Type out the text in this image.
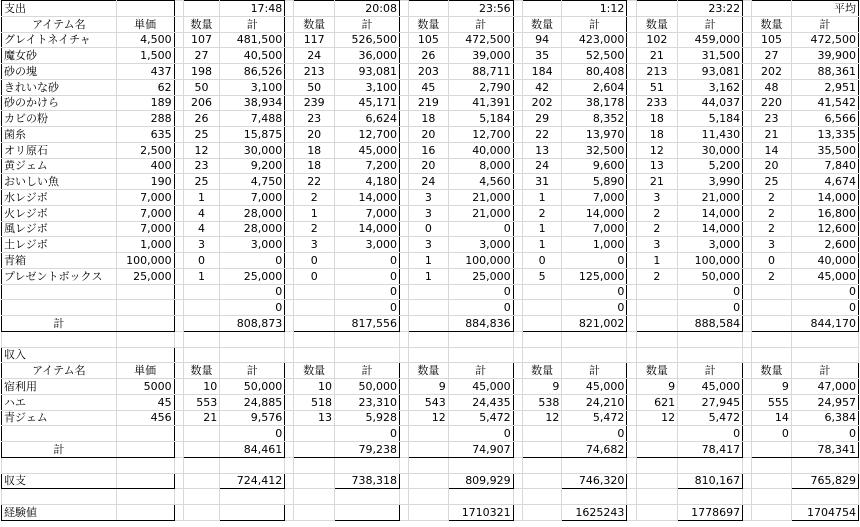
支出				17:48			20:08			23:56			1:12			23:22			平均
アイテム名	単価		数量	計		数量	計		数量	計		数量	計		数量	計		数量	計
グレイトネイチャ	4,500		107	481,500		117	526,500		105	472,500		94	423,000		102	459,000		105	472,500
魔女砂	1,500		27	40,500		24	36,000		26	39,000		35	52,500		21	31,500		27	39,900
砂の塊	437		198	86,526		213	93,081		203	88,711		184	80,408		213	93,081		202	88,361
きれいな砂	62		50	3,100		50	3,100		45	2,790		42	2,604		51	3,162		48	2,951
砂のかけら	189		206	38,934		239	45,171		219	41,391		202	38,178		233	44,037		220	41,542
カビの粉	288		26	7,488		23	6,624		18	5,184		29	8,352		18	5,184		23	6,566
菌糸	635		25	15,875		20	12,700		20	12,700		22	13,970		18	11,430		21	13,335
オリ原石	2,500		12	30,000		18	45,000		16	40,000		13	32,500		12	30,000		14	35,500
黄ジェム	400		23	9,200		18	7,200		20	8,000		24	9,600		13	5,200		20	7,840
おいしい魚	190		25	4,750		22	4,180		24	4,560		31	5,890		21	3,990		25	4,674
水レジボ	7,000		1	7,000		2	14,000		3	21,000		1	7,000		3	21,000		2	14,000
火レジボ	7,000		4	28,000		1	7,000		3	21,000		2	14,000		2	14,000		2	16,800
風レジボ	7,000		4	28,000		2	14,000		0	0		1	7,000		2	14,000		2	12,600
土レジボ	1,000		3	3,000		3	3,000		3	3,000		1	1,000		3	3,000		3	2,600
青箱	100,000		0	0		0	0		1	100,000		0	0		1	100,000		0	40,000
プレゼントボックス	25,000		1	25,000		0	0		1	25,000		5	125,000		2	50,000		2	45,000
				0			0			0			0			0			0
				0			0			0			0			0			0
計				808,873			817,556			884,836			821,002			888,584			844,170

収入																			
アイテム名	単価		数量	計		数量	計		数量	計		数量	計		数量	計		数量	計
宿利用	5000		10	50,000		10	50,000		9	45,000		9	45,000		9	45,000		9	47,000
ハエ	45		553	24,885		518	23,310		543	24,435		538	24,210		621	27,945		555	24,957
青ジェム	456		21	9,576		13	5,928		12	5,472		12	5,472		12	5,472		14	6,384
				0			0			0			0			0		0	0
計				84,461			79,238			74,907			74,682			78,417			78,341

収支				724,412			738,318			809,929			746,320			810,167			765,829

経験値										1710321			1625243			1778697			1704754
